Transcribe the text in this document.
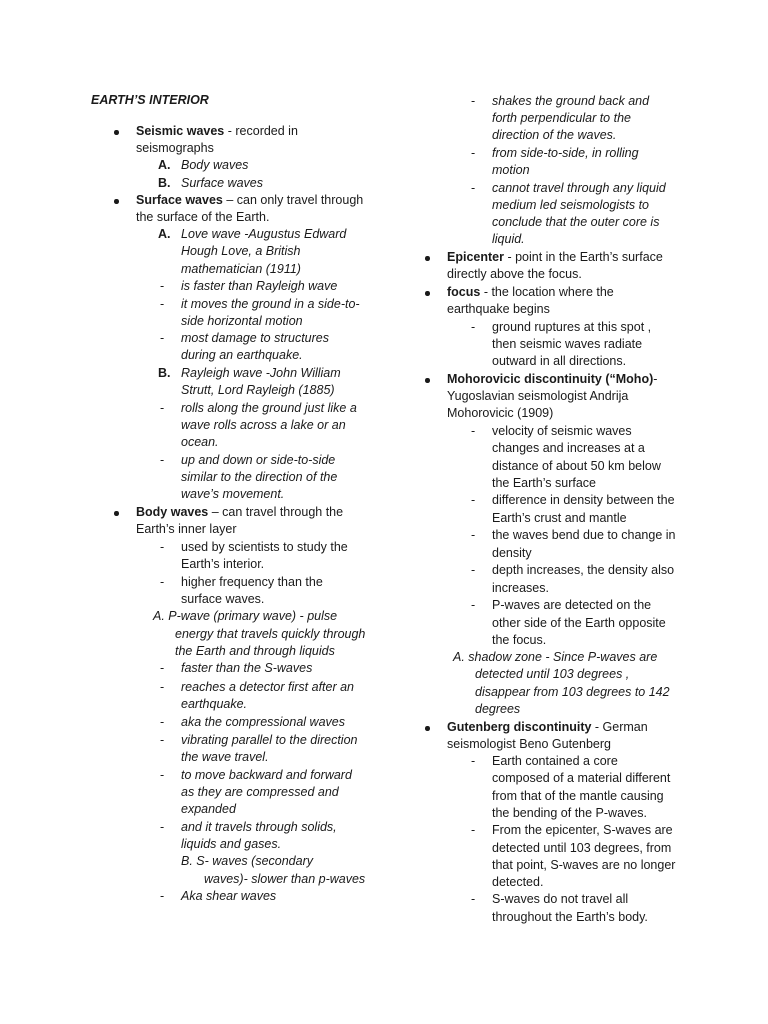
EARTH’S INTERIOR
Seismic waves - recorded in
seismographs
A. Body waves
B. Surface waves
Surface waves – can only travel through
the surface of the Earth.
A. Love wave -Augustus Edward
Hough Love, a British
mathematician (1911)
- is faster than Rayleigh wave
- it moves the ground in a side-to-
side horizontal motion
- most damage to structures
during an earthquake.
B. Rayleigh wave -John William
Strutt, Lord Rayleigh (1885)
- rolls along the ground just like a
wave rolls across a lake or an
ocean.
- up and down or side-to-side
similar to the direction of the
wave’s movement.
Body waves – can travel through the
Earth’s inner layer
- used by scientists to study the
Earth’s interior.
- higher frequency than the
surface waves.
A. P-wave (primary wave) - pulse
energy that travels quickly through
the Earth and through liquids
- faster than the S-waves
- reaches a detector first after an
earthquake.
- aka the compressional waves
- vibrating parallel to the direction
the wave travel.
- to move backward and forward
as they are compressed and
expanded
- and it travels through solids,
liquids and gases.
B. S- waves (secondary
waves)- slower than p-waves
- Aka shear waves
- shakes the ground back and
forth perpendicular to the
direction of the waves.
- from side-to-side, in rolling
motion
- cannot travel through any liquid
medium led seismologists to
conclude that the outer core is
liquid.
Epicenter - point in the Earth’s surface
directly above the focus.
focus - the location where the
earthquake begins
- ground ruptures at this spot ,
then seismic waves radiate
outward in all directions.
Mohorovicic discontinuity (“Moho)-
Yugoslavian seismologist Andrija
Mohorovicic (1909)
- velocity of seismic waves
changes and increases at a
distance of about 50 km below
the Earth’s surface
- difference in density between the
Earth’s crust and mantle
- the waves bend due to change in
density
- depth increases, the density also
increases.
- P-waves are detected on the
other side of the Earth opposite
the focus.
A. shadow zone - Since P-waves are
detected until 103 degrees ,
disappear from 103 degrees to 142
degrees
Gutenberg discontinuity - German
seismologist Beno Gutenberg
- Earth contained a core
composed of a material different
from that of the mantle causing
the bending of the P-waves.
- From the epicenter, S-waves are
detected until 103 degrees, from
that point, S-waves are no longer
detected.
- S-waves do not travel all
throughout the Earth’s body.
